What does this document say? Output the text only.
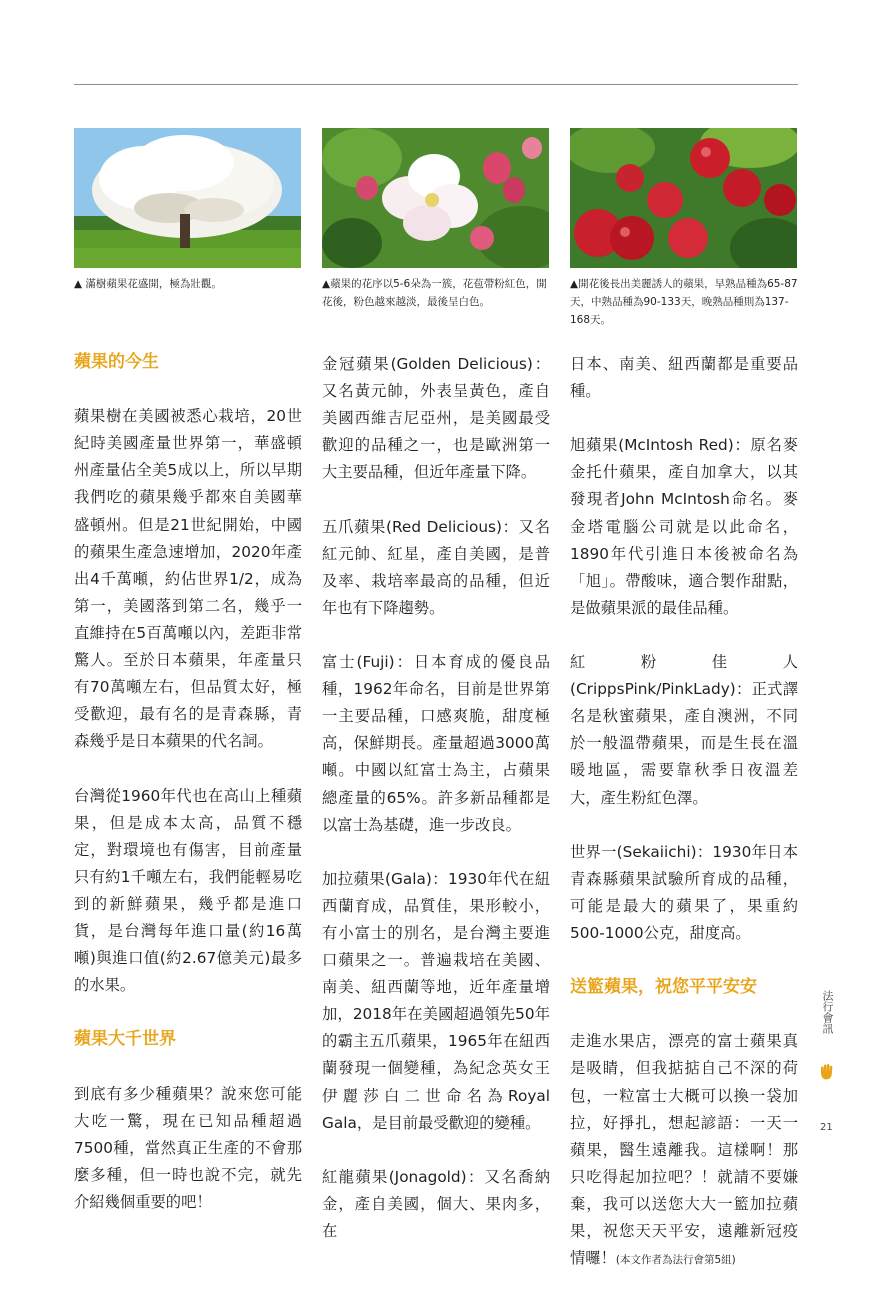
▲ 滿樹蘋果花盛開，極為壯觀。	▲蘋果的花序以5-6朵為一簇，花苞帶粉紅色，開花後，粉色越來越淡，最後呈白色。
▲開花後長出美麗誘人的蘋果，早熟品種為65-87天，中熟品種為90-133天，晚熟品種則為137-168天。

蘋果的今生

蘋果樹在美國被悉心栽培，20世紀時美國產量世界第一，華盛頓州產量佔全美5成以上，所以早期我們吃的蘋果幾乎都來自美國華盛頓州。但是21世紀開始，中國的蘋果生產急速增加，2020年產出4千萬噸，約佔世界1/2，成為第一，美國落到第二名，幾乎一直維持在5百萬噸以內，差距非常驚人。至於日本蘋果，年產量只有70萬噸左右，但品質太好，極受歡迎，最有名的是青森縣，青森幾乎是日本蘋果的代名詞。

台灣從1960年代也在高山上種蘋果，但是成本太高，品質不穩定，對環境也有傷害，目前產量只有約1千噸左右，我們能輕易吃到的新鮮蘋果，幾乎都是進口貨，是台灣每年進口量(約16萬噸)與進口值(約2.67億美元)最多的水果。

蘋果大千世界

到底有多少種蘋果？說來您可能大吃一驚，現在已知品種超過7500種，當然真正生產的不會那麼多種，但一時也說不完，就先介紹幾個重要的吧！

金冠蘋果(Golden Delicious)：又名黃元帥，外表呈黃色，產自美國西維吉尼亞州，是美國最受歡迎的品種之一，也是歐洲第一大主要品種，但近年產量下降。

五爪蘋果(Red Delicious)：又名紅元帥、紅星，產自美國，是普及率、栽培率最高的品種，但近年也有下降趨勢。

富士(Fuji)：日本育成的優良品種，1962年命名，目前是世界第一主要品種，口感爽脆，甜度極高，保鮮期長。產量超過3000萬噸。中國以紅富士為主，占蘋果總產量的65%。許多新品種都是以富士為基礎，進一步改良。

加拉蘋果(Gala)：1930年代在紐西蘭育成，品質佳，果形較小，有小富士的別名，是台灣主要進口蘋果之一。普遍栽培在美國、南美、紐西蘭等地，近年產量增加，2018年在美國超過領先50年的霸主五爪蘋果，1965年在紐西蘭發現一個變種，為紀念英女王伊麗莎白二世命名為Royal Gala，是目前最受歡迎的變種。

紅龍蘋果(Jonagold)：又名喬納金，產自美國，個大、果肉多，在

日本、南美、紐西蘭都是重要品種。

旭蘋果(McIntosh Red)：原名麥金托什蘋果，產自加拿大，以其發現者John McIntosh命名。麥金塔電腦公司就是以此命名，1890年代引進日本後被命名為「旭」。帶酸味，適合製作甜點，是做蘋果派的最佳品種。

紅粉佳人(CrippsPink/PinkLady)：正式譯名是秋蜜蘋果，產自澳洲，不同於一般溫帶蘋果，而是生長在溫暖地區，需要靠秋季日夜溫差大，產生粉紅色澤。

世界一(Sekaiichi)：1930年日本青森縣蘋果試驗所育成的品種，可能是最大的蘋果了，果重約500-1000公克，甜度高。

送籃蘋果，祝您平平安安

走進水果店，漂亮的富士蘋果真是吸睛，但我掂掂自己不深的荷包，一粒富士大概可以換一袋加拉，好掙扎，想起諺語：一天一蘋果，醫生遠離我。這樣啊！那只吃得起加拉吧？！就請不要嫌棄，我可以送您大大一籃加拉蘋果，祝您天天平安，遠離新冠疫情囉！(本文作者為法行會第5組)

法行會訊
21
